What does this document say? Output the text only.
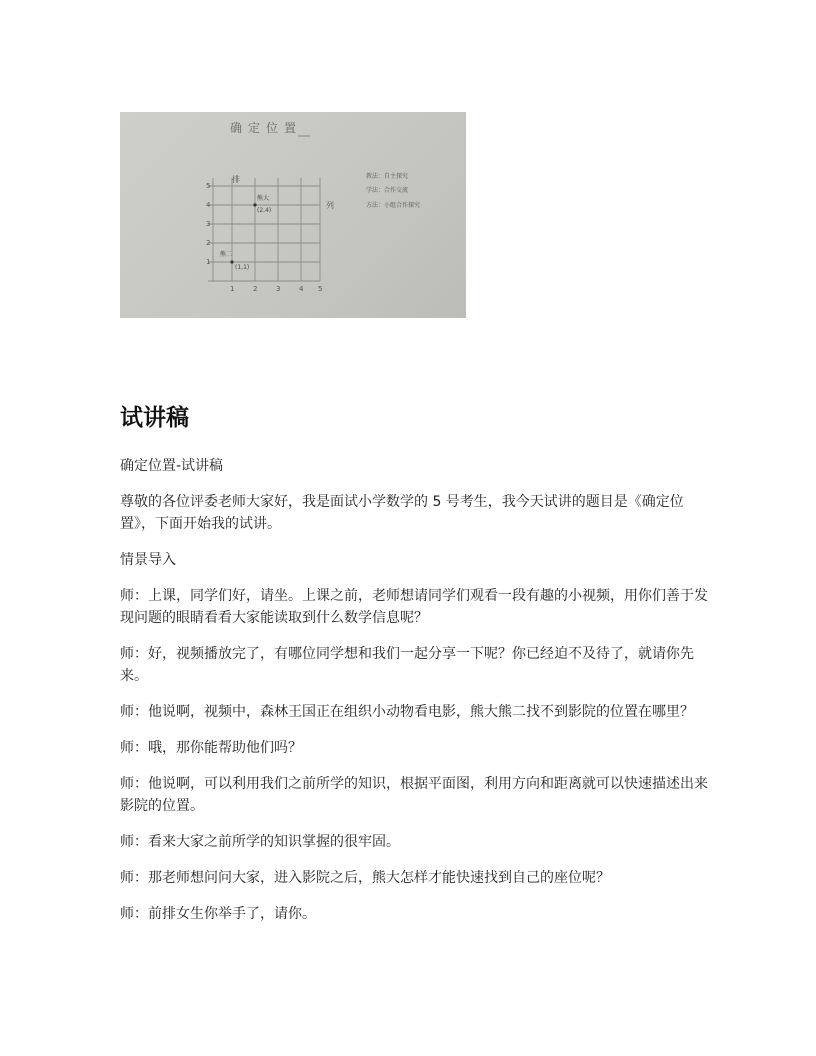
确定位置
排
列
5
4
3
2
1
1	2	3	4 5
熊大
(2,4)
熊二
(1,1)
教法：自主探究
学法：合作交流
方法：小组合作探究
试讲稿

确定位置-试讲稿

尊敬的各位评委老师大家好，我是面试小学数学的 5 号考生，我今天试讲的题目是《确定位置》，下面开始我的试讲。

情景导入

师：上课，同学们好，请坐。上课之前，老师想请同学们观看一段有趣的小视频，用你们善于发现问题的眼睛看看大家能读取到什么数学信息呢？

师：好，视频播放完了，有哪位同学想和我们一起分享一下呢？你已经迫不及待了，就请你先来。

师：他说啊，视频中，森林王国正在组织小动物看电影，熊大熊二找不到影院的位置在哪里？

师：哦，那你能帮助他们吗？

师：他说啊，可以利用我们之前所学的知识，根据平面图，利用方向和距离就可以快速描述出来影院的位置。

师：看来大家之前所学的知识掌握的很牢固。

师：那老师想问问大家，进入影院之后，熊大怎样才能快速找到自己的座位呢？

师：前排女生你举手了，请你。
